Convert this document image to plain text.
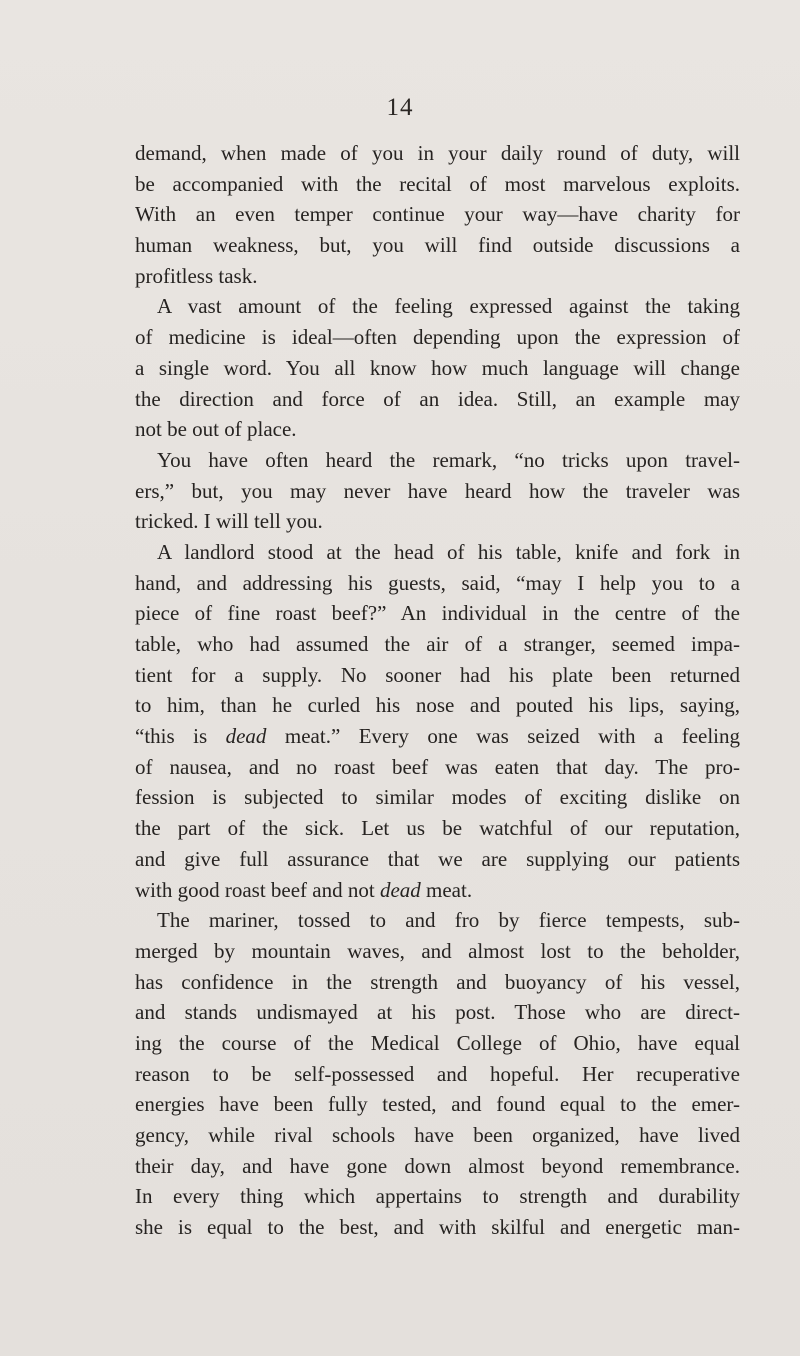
14
demand, when made of you in your daily round of duty, will
be accompanied with the recital of most marvelous exploits.
With an even temper continue your way—have charity for
human weakness, but, you will find outside discussions a
profitless task.
A vast amount of the feeling expressed against the taking
of medicine is ideal—often depending upon the expression of
a single word. You all know how much language will change
the direction and force of an idea. Still, an example may
not be out of place.
You have often heard the remark, “no tricks upon travel-
ers,” but, you may never have heard how the traveler was
tricked. I will tell you.
A landlord stood at the head of his table, knife and fork in
hand, and addressing his guests, said, “may I help you to a
piece of fine roast beef?” An individual in the centre of the
table, who had assumed the air of a stranger, seemed impa-
tient for a supply. No sooner had his plate been returned
to him, than he curled his nose and pouted his lips, saying,
“this is dead meat.” Every one was seized with a feeling
of nausea, and no roast beef was eaten that day. The pro-
fession is subjected to similar modes of exciting dislike on
the part of the sick. Let us be watchful of our reputation,
and give full assurance that we are supplying our patients
with good roast beef and not dead meat.
The mariner, tossed to and fro by fierce tempests, sub-
merged by mountain waves, and almost lost to the beholder,
has confidence in the strength and buoyancy of his vessel,
and stands undismayed at his post. Those who are direct-
ing the course of the Medical College of Ohio, have equal
reason to be self-possessed and hopeful. Her recuperative
energies have been fully tested, and found equal to the emer-
gency, while rival schools have been organized, have lived
their day, and have gone down almost beyond remembrance.
In every thing which appertains to strength and durability
she is equal to the best, and with skilful and energetic man-
